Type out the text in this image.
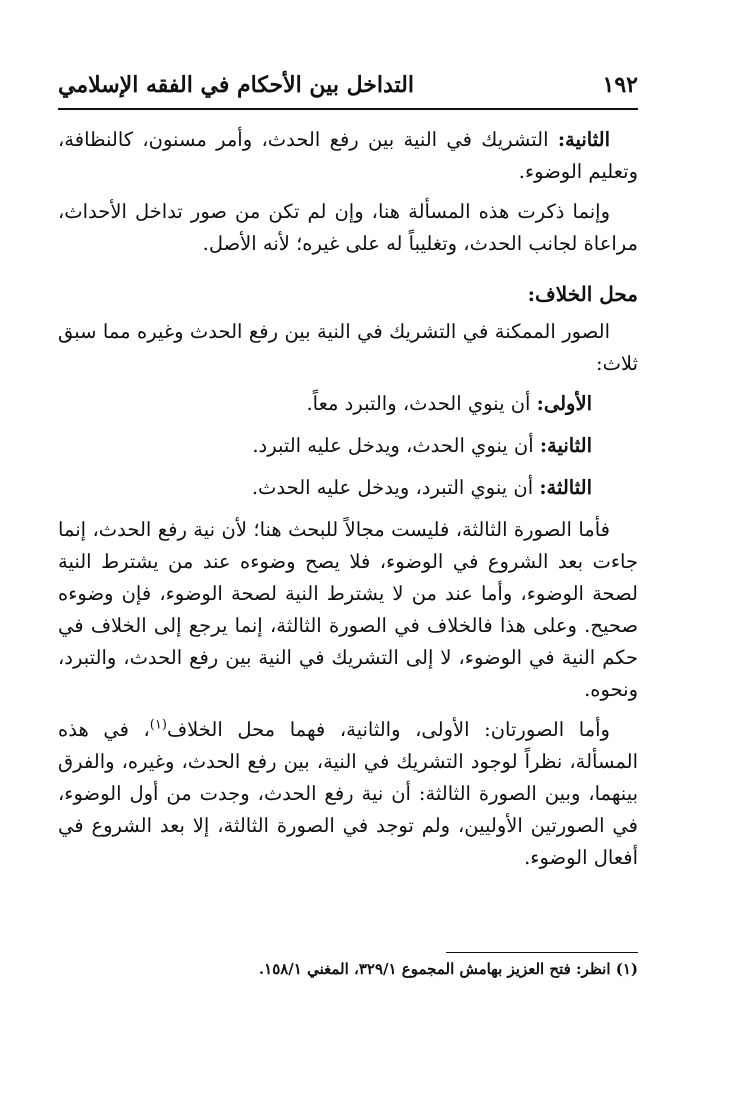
١٩٢
التداخل بين الأحكام في الفقه الإسلامي

الثانية: التشريك في النية بين رفع الحدث، وأمر مسنون، كالنظافة، وتعليم الوضوء.

وإنما ذكرت هذه المسألة هنا، وإن لم تكن من صور تداخل الأحداث، مراعاة لجانب الحدث، وتغليباً له على غيره؛ لأنه الأصل.

محل الخلاف:

الصور الممكنة في التشريك في النية بين رفع الحدث وغيره مما سبق ثلاث:

الأولى: أن ينوي الحدث، والتبرد معاً.

الثانية: أن ينوي الحدث، ويدخل عليه التبرد.

الثالثة: أن ينوي التبرد، ويدخل عليه الحدث.

فأما الصورة الثالثة، فليست مجالاً للبحث هنا؛ لأن نية رفع الحدث، إنما جاءت بعد الشروع في الوضوء، فلا يصح وضوءه عند من يشترط النية لصحة الوضوء، وأما عند من لا يشترط النية لصحة الوضوء، فإن وضوءه صحيح. وعلى هذا فالخلاف في الصورة الثالثة، إنما يرجع إلى الخلاف في حكم النية في الوضوء، لا إلى التشريك في النية بين رفع الحدث، والتبرد، ونحوه.

وأما الصورتان: الأولى، والثانية، فهما محل الخلاف$^{(١)}$، في هذه المسألة، نظراً لوجود التشريك في النية، بين رفع الحدث، وغيره، والفرق بينهما، وبين الصورة الثالثة: أن نية رفع الحدث، وجدت من أول الوضوء، في الصورتين الأوليين، ولم توجد في الصورة الثالثة، إلا بعد الشروع في أفعال الوضوء.

(١) انظر: فتح العزيز بهامش المجموع ٣٢٩/١، المغني ١٥٨/١.
